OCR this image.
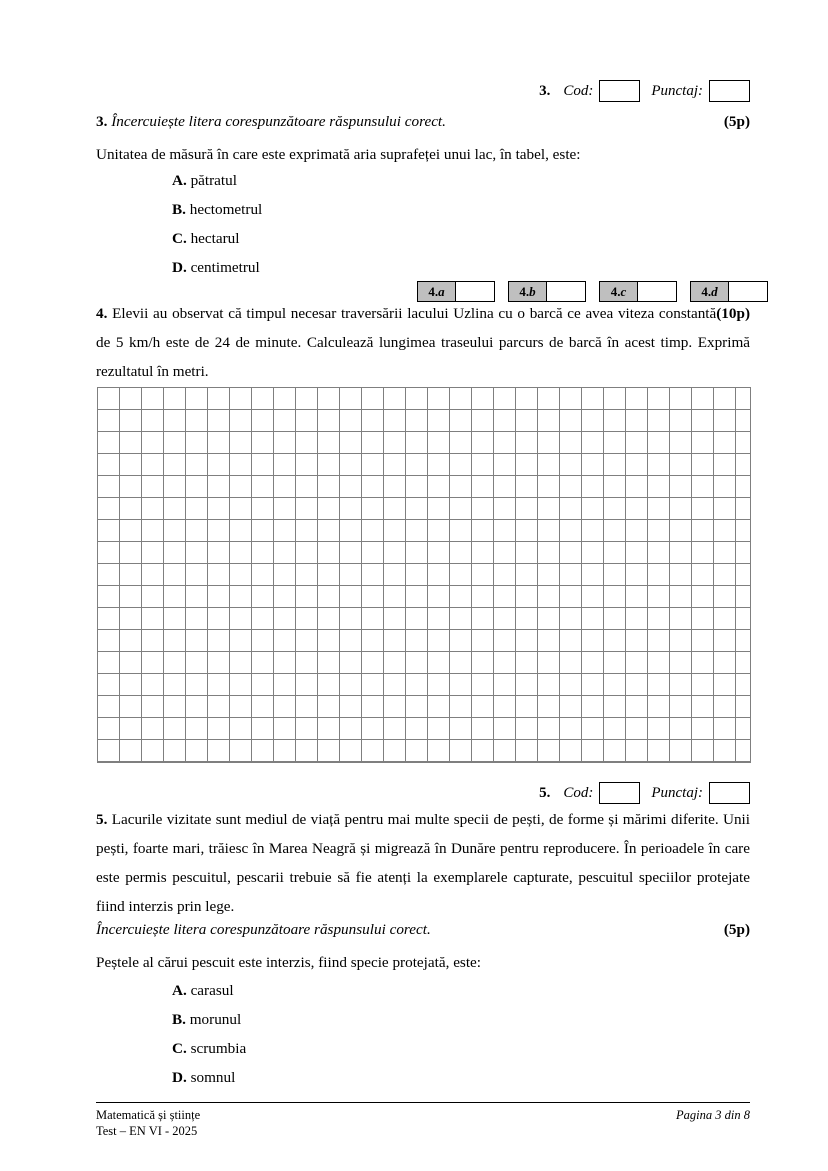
3. Cod:	Punctaj:
3. Încercuiește litera corespunzătoare răspunsului corect.	(5p)
Unitatea de măsură în care este exprimată aria suprafeței unui lac, în tabel, este:
A. pătratul
B. hectometrul
C. hectarul
D. centimetrul
4. a	4. b	4. c	4. d
(10p)
4. Elevii au observat că timpul necesar traversării lacului Uzlina cu o barcă ce avea viteza constantă de 5 km/h este de 24 de minute. Calculează lungimea traseului parcurs de barcă în acest timp. Exprimă rezultatul în metri.
5. Cod:	Punctaj:
5. Lacurile vizitate sunt mediul de viață pentru mai multe specii de pești, de forme și mărimi diferite. Unii pești, foarte mari, trăiesc în Marea Neagră și migrează în Dunăre pentru reproducere. În perioadele în care este permis pescuitul, pescarii trebuie să fie atenți la exemplarele capturate, pescuitul speciilor protejate fiind interzis prin lege.
Încercuiește litera corespunzătoare răspunsului corect.	(5p)
Peștele al cărui pescuit este interzis, fiind specie protejată, este:
A. carasul
B. morunul
C. scrumbia
D. somnul
Matematică și științe
Test – EN VI - 2025
Pagina 3 din 8
